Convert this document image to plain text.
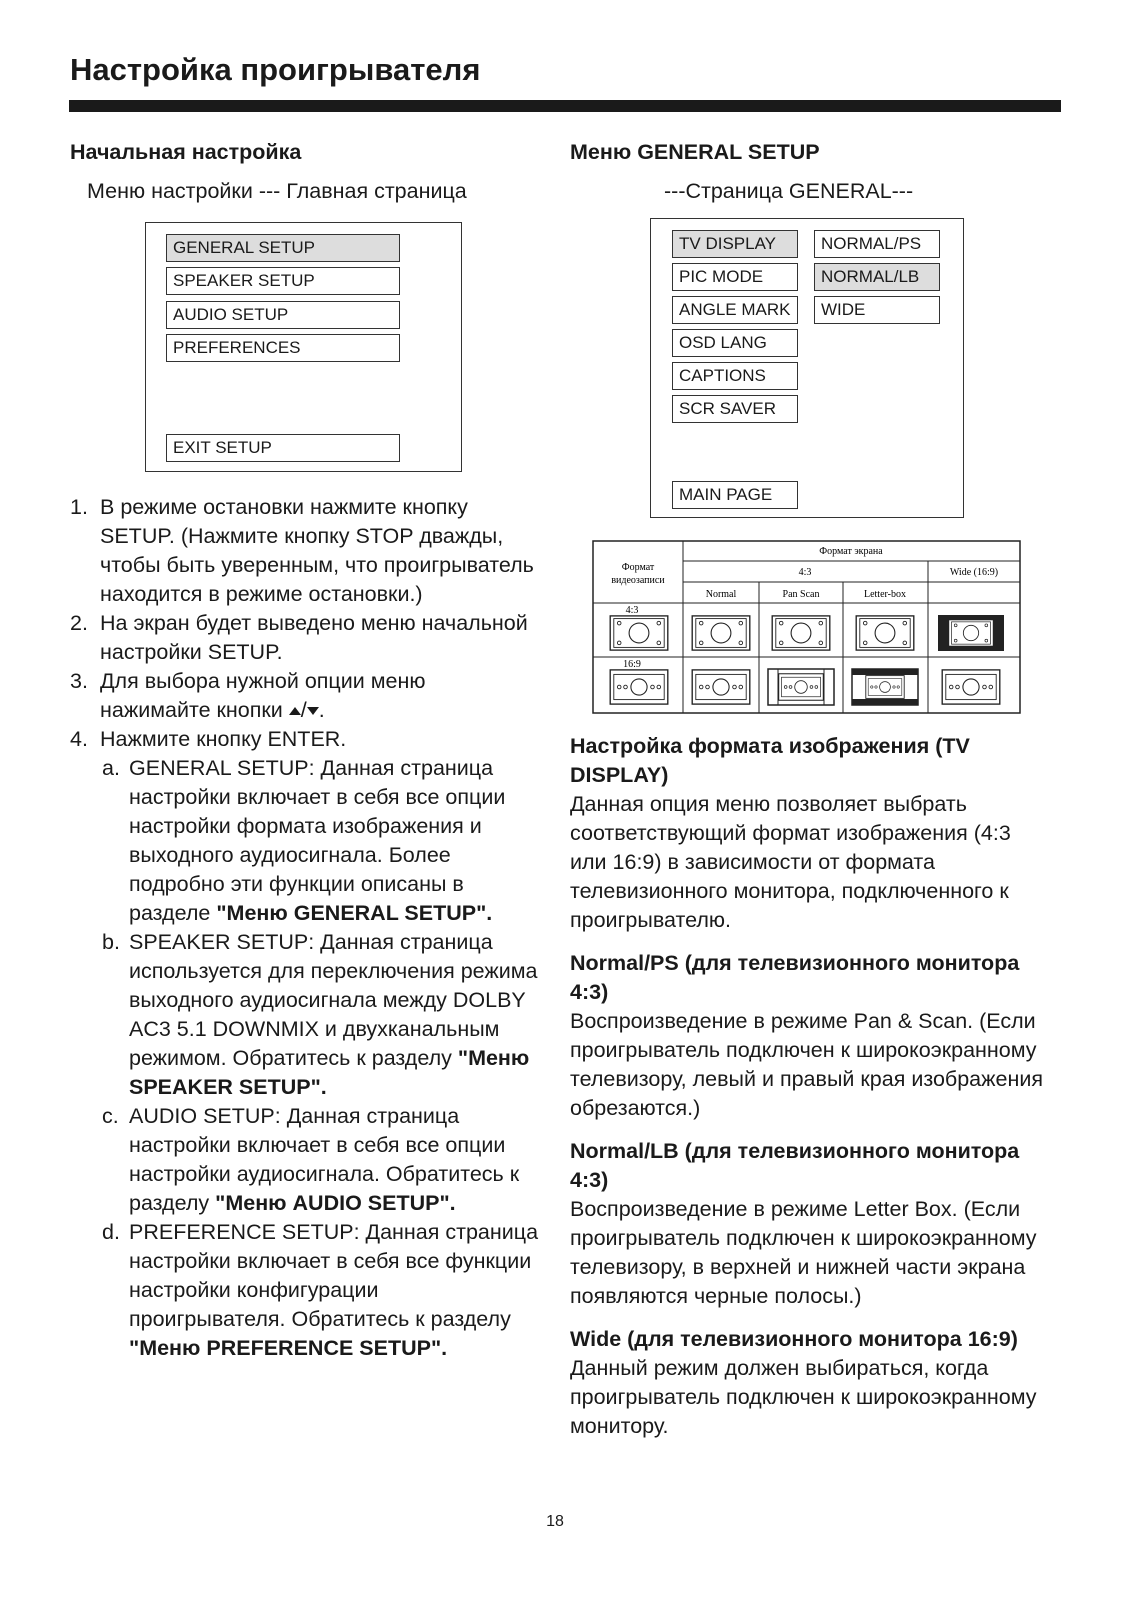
Настройка проигрывателя
Начальная настройка
Меню настройки --- Главная страница
GENERAL SETUP
SPEAKER SETUP
AUDIO SETUP
PREFERENCES
EXIT SETUP

1. В режиме остановки нажмите кнопку SETUP. (Нажмите кнопку STOP дважды, чтобы быть уверенным, что проигрыватель находится в режиме остановки.)

2. На экран будет выведено меню начальной настройки SETUP.

3. Для выбора нужной опции меню нажимайте кнопки / .

4. Нажмите кнопку ENTER.

a. GENERAL SETUP: Данная страница настройки включает в себя все опции настройки формата изображения и выходного аудиосигнала. Более подробно эти функции описаны в разделе "Меню GENERAL SETUP".

b. SPEAKER SETUP: Данная страница используется для переключения режима выходного аудиосигнала между DOLBY AC3 5.1 DOWNMIX и двухканальным режимом. Обратитесь к разделу "Меню SPEAKER SETUP".

c. AUDIO SETUP: Данная страница настройки включает в себя все опции настройки аудиосигнала. Обратитесь к разделу "Меню AUDIO SETUP".

d. PREFERENCE SETUP: Данная страница настройки включает в себя все функции настройки конфигурации проигрывателя. Обратитесь к разделу "Меню PREFERENCE SETUP".

Меню GENERAL SETUP
---Страница GENERAL---
TV DISPLAY
PIC MODE
ANGLE MARK
OSD LANG
CAPTIONS
SCR SAVER
NORMAL/PS
NORMAL/LB
WIDE
MAIN PAGE
Формат экрана
Формат
видеозаписи
4:3	Wide (16:9)
Normal	Pan Scan	Letter-box
4:3
16:9

Настройка формата изображения (TV DISPLAY)

Данная опция меню позволяет выбрать соответствующий формат изображения (4:3 или 16:9) в зависимости от формата телевизионного монитора, подключенного к проигрывателю.

Normal/PS (для телевизионного монитора 4:3)

Воспроизведение в режиме Pan & Scan. (Если проигрыватель подключен к широкоэкранному телевизору, левый и правый края изображения обрезаются.)

Normal/LB (для телевизионного монитора 4:3)

Воспроизведение в режиме Letter Box. (Если проигрыватель подключен к широкоэкранному телевизору, в верхней и нижней части экрана появляются черные полосы.)

Wide (для телевизионного монитора 16:9)

Данный режим должен выбираться, когда проигрыватель подключен к широкоэкранному монитору.

18
